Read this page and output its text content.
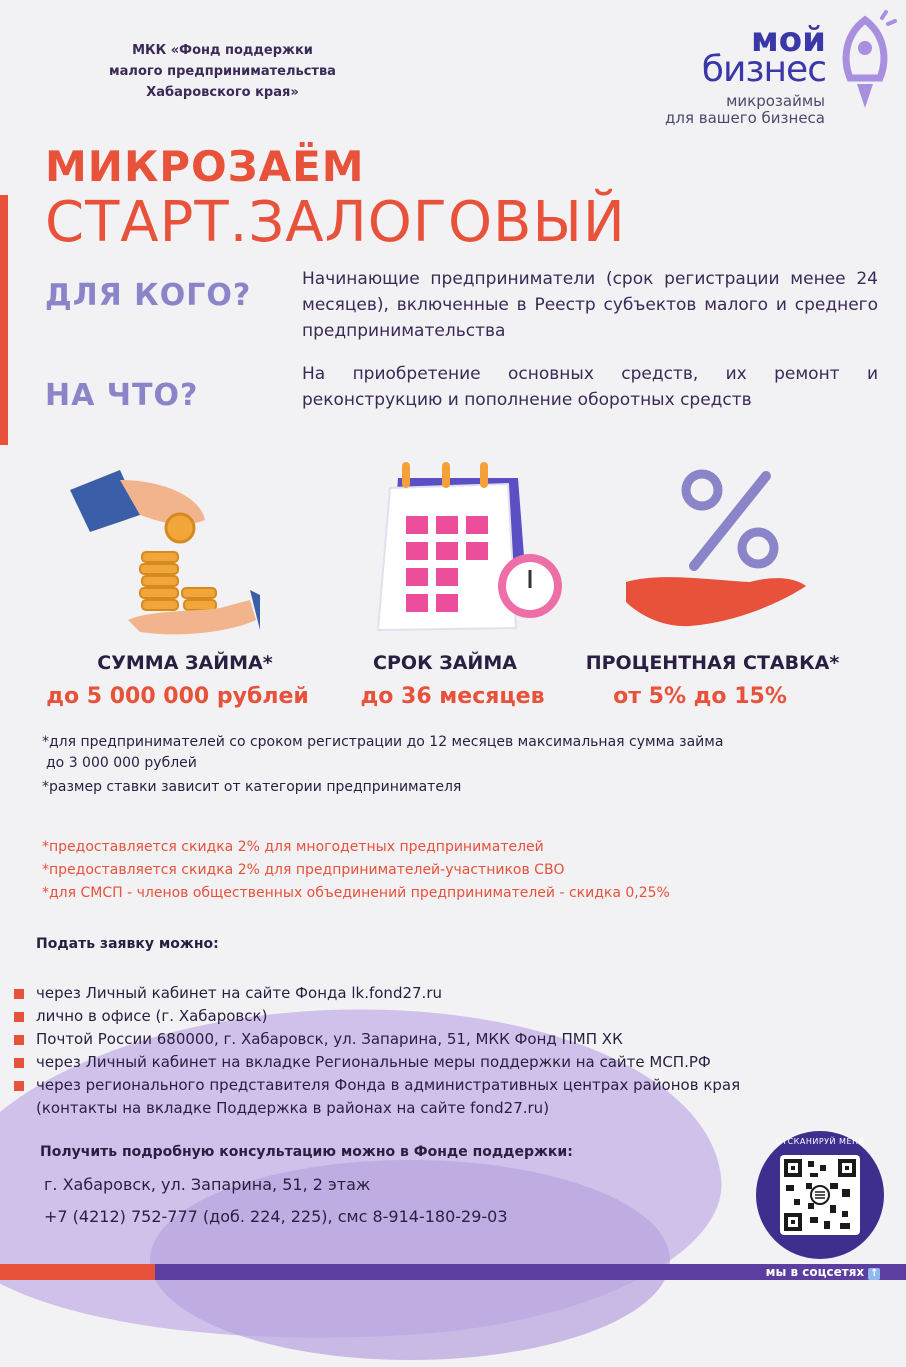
МКК «Фонд поддержки
малого предпринимательства
Хабаровского края»
мой
бизнес
микрозаймы
для вашего бизнеса
МИКРОЗАЁМ
СТАРТ.ЗАЛОГОВЫЙ
ДЛЯ КОГО?	Начинающие предприниматели (срок регистрации менее 24 месяцев), включенные в Реестр субъектов малого и среднего предпринимательства
НА ЧТО?
На приобретение основных средств, их ремонт и реконструкцию и пополнение оборотных средств
СУММА ЗАЙМА*
до 5 000 000 рублей
СРОК ЗАЙМА
до 36 месяцев
ПРОЦЕНТНАЯ СТАВКА*
от 5% до 15%
*для предпринимателей со сроком регистрации до 12 месяцев максимальная сумма займа
до 3 000 000 рублей
*размер ставки зависит от категории предпринимателя
*предоставляется скидка 2% для многодетных предпринимателей
*предоставляется скидка 2% для предпринимателей-участников СВО
*для СМСП - членов общественных объединений предпринимателей - скидка 0,25%
Подать заявку можно:
через Личный кабинет на сайте Фонда lk.fond27.ru
лично в офисе (г. Хабаровск)
Почтой России 680000, г. Хабаровск, ул. Запарина, 51, МКК Фонд ПМП ХК
через Личный кабинет на вкладке Региональные меры поддержки на сайте МСП.РФ
через регионального представителя Фонда в административных центрах районов края
(контакты на вкладке Поддержка в районах на сайте fond27.ru)
Получить подробную консультацию можно в Фонде поддержки:
г. Хабаровск, ул. Запарина, 51, 2 этаж
+7 (4212) 752-777 (доб. 224, 225), смс 8-914-180-29-03
ОТСКАНИРУЙ МЕНЯ
мы в соцсетях ↑
